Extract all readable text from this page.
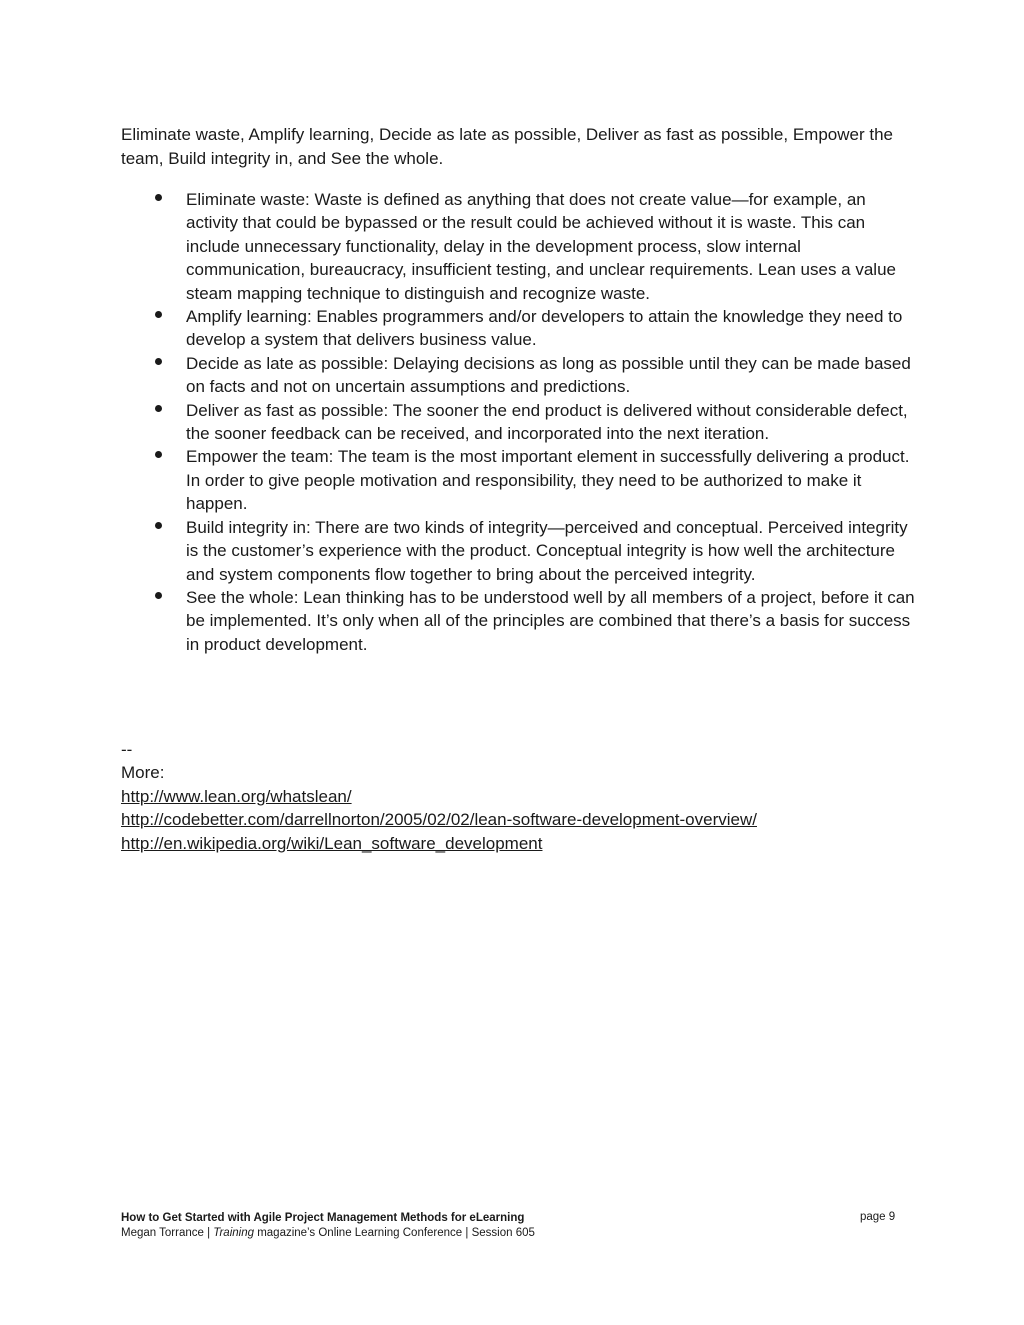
Eliminate waste, Amplify learning, Decide as late as possible, Deliver as fast as possible, Empower the team, Build integrity in, and See the whole.

Eliminate waste: Waste is defined as anything that does not create value—for example, an activity that could be bypassed or the result could be achieved without it is waste. This can include unnecessary functionality, delay in the development process, slow internal communication, bureaucracy, insufficient testing, and unclear requirements. Lean uses a value steam mapping technique to distinguish and recognize waste.
Amplify learning: Enables programmers and/or developers to attain the knowledge they need to develop a system that delivers business value.
Decide as late as possible: Delaying decisions as long as possible until they can be made based on facts and not on uncertain assumptions and predictions.
Deliver as fast as possible: The sooner the end product is delivered without considerable defect, the sooner feedback can be received, and incorporated into the next iteration.
Empower the team: The team is the most important element in successfully delivering a product. In order to give people motivation and responsibility, they need to be authorized to make it happen.
Build integrity in: There are two kinds of integrity—perceived and conceptual. Perceived integrity is the customer’s experience with the product. Conceptual integrity is how well the architecture and system components flow together to bring about the perceived integrity.
See the whole: Lean thinking has to be understood well by all members of a project, before it can be implemented. It’s only when all of the principles are combined that there’s a basis for success in product development.
--
More:
http://www.lean.org/whatslean/
http://codebetter.com/darrellnorton/2005/02/02/lean-software-development-overview/
http://en.wikipedia.org/wiki/Lean_software_development
How to Get Started with Agile Project Management Methods for eLearning
Megan Torrance | Training magazine’s Online Learning Conference | Session 605
page 9
